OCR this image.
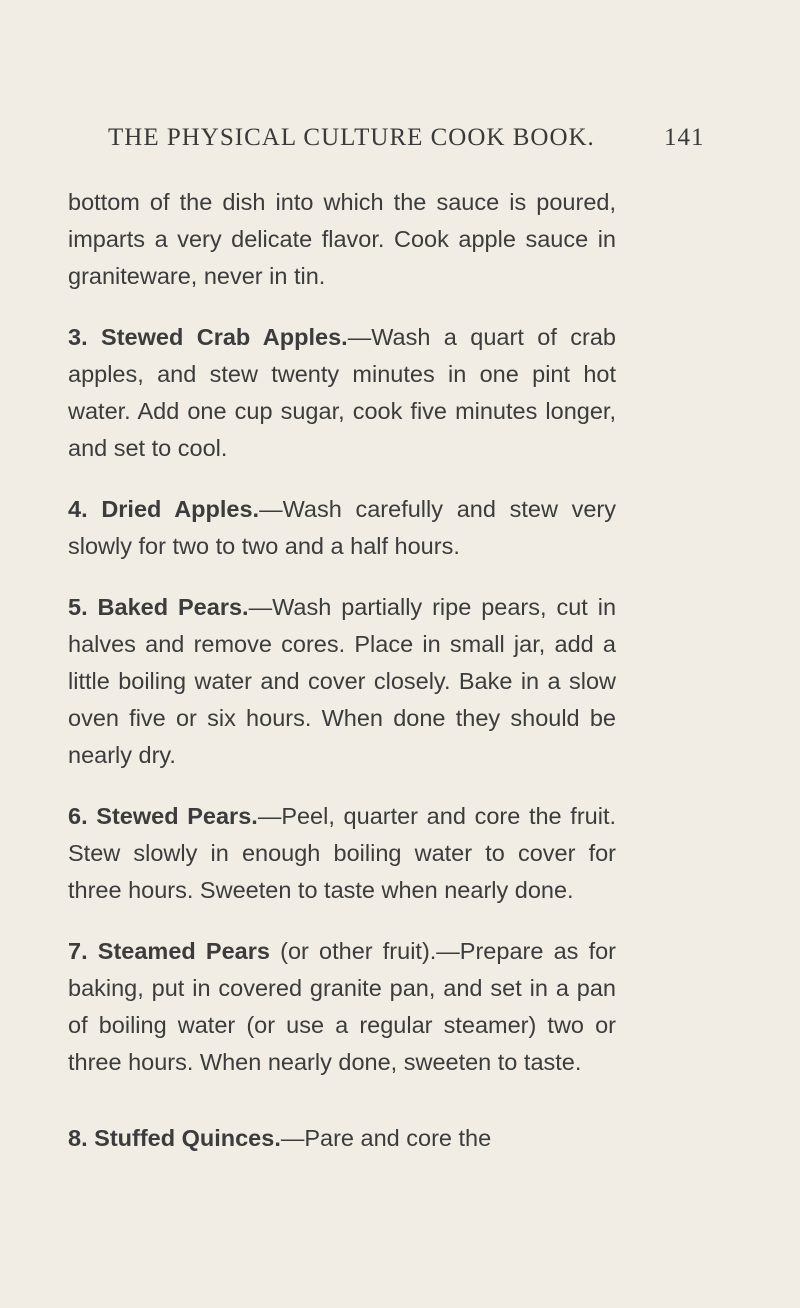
THE PHYSICAL CULTURE COOK BOOK.	141

bottom of the dish into which the sauce is poured, imparts a very delicate flavor. Cook apple sauce in graniteware, never in tin.

3. Stewed Crab Apples.—Wash a quart of crab apples, and stew twenty minutes in one pint hot water. Add one cup sugar, cook five minutes longer, and set to cool.

4. Dried Apples.—Wash carefully and stew very slowly for two to two and a half hours.

5. Baked Pears.—Wash partially ripe pears, cut in halves and remove cores. Place in small jar, add a little boiling water and cover closely. Bake in a slow oven five or six hours. When done they should be nearly dry.

6. Stewed Pears.—Peel, quarter and core the fruit. Stew slowly in enough boiling water to cover for three hours. Sweeten to taste when nearly done.

7. Steamed Pears (or other fruit).—Prepare as for baking, put in covered granite pan, and set in a pan of boiling water (or use a regular steamer) two or three hours. When nearly done, sweeten to taste.

8. Stuffed Quinces.—Pare and core the
